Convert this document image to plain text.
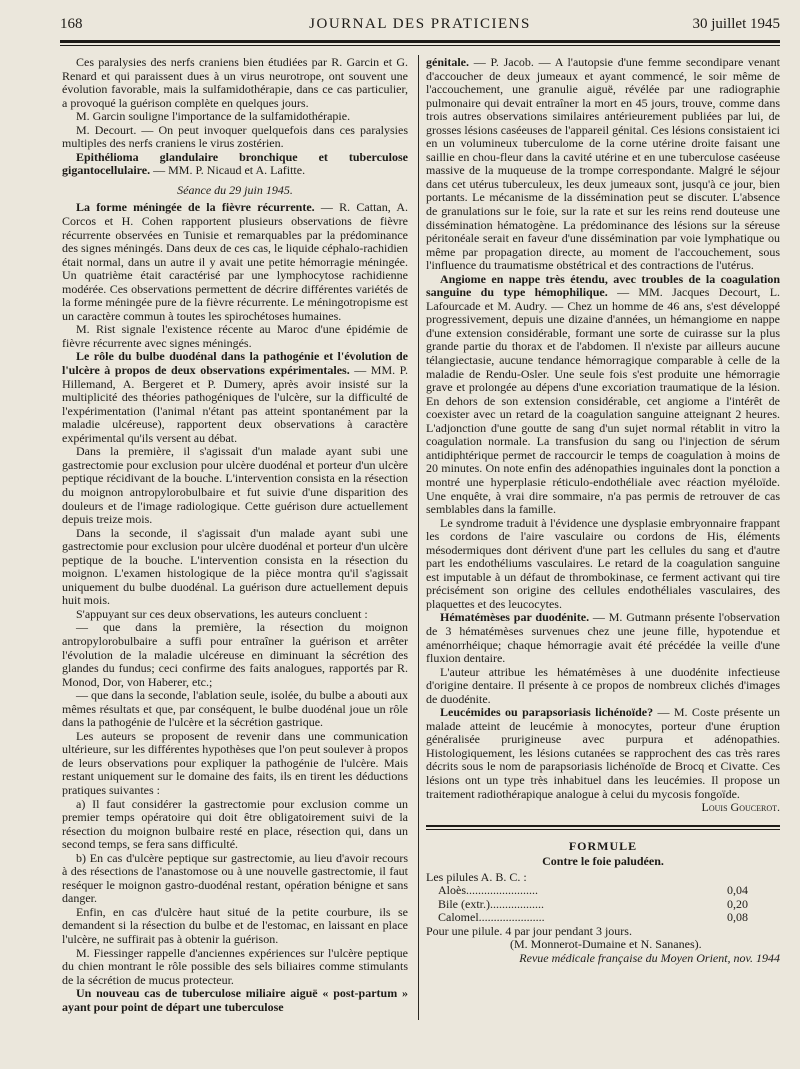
168	JOURNAL DES PRATICIENS	30 juillet 1945

Ces paralysies des nerfs craniens bien étudiées par R. Garcin et G. Renard et qui paraissent dues à un virus neurotrope, ont souvent une évolution favorable, mais la sulfamidothérapie, dans ce cas particulier, a provoqué la guérison complète en quelques jours.

M. Garcin souligne l'importance de la sulfamidothérapie.

M. Decourt. — On peut invoquer quelquefois dans ces paralysies multiples des nerfs craniens le virus zostérien.

Epithélioma glandulaire bronchique et tuberculose gigantocellulaire. — MM. P. Nicaud et A. Lafitte.

Séance du 29 juin 1945.

La forme méningée de la fièvre récurrente. — R. Cattan, A. Corcos et H. Cohen rapportent plusieurs observations de fièvre récurrente observées en Tunisie et remarquables par la prédominance des signes méningés. Dans deux de ces cas, le liquide céphalo-rachidien était normal, dans un autre il y avait une petite hémorragie méningée. Un quatrième était caractérisé par une lymphocytose rachidienne modérée. Ces observations permettent de décrire différentes variétés de la forme méningée pure de la fièvre récurrente. Le méningotropisme est un caractère commun à toutes les spirochétoses humaines.

M. Rist signale l'existence récente au Maroc d'une épidémie de fièvre récurrente avec signes méningés.

Le rôle du bulbe duodénal dans la pathogénie et l'évolution de l'ulcère à propos de deux observations expérimentales. — MM. P. Hillemand, A. Bergeret et P. Dumery, après avoir insisté sur la multiplicité des théories pathogéniques de l'ulcère, sur la difficulté de l'expérimentation (l'animal n'étant pas atteint spontanément par la maladie ulcéreuse), rapportent deux observations à caractère expérimental qu'ils versent au débat.

Dans la première, il s'agissait d'un malade ayant subi une gastrectomie pour exclusion pour ulcère duodénal et porteur d'un ulcère peptique récidivant de la bouche. L'intervention consista en la résection du moignon antropylorobulbaire et fut suivie d'une disparition des douleurs et de l'image radiologique. Cette guérison dure actuellement depuis treize mois.

Dans la seconde, il s'agissait d'un malade ayant subi une gastrectomie pour exclusion pour ulcère duodénal et porteur d'un ulcère peptique de la bouche. L'intervention consista en la résection du moignon. L'examen histologique de la pièce montra qu'il s'agissait uniquement du bulbe duodénal. La guérison dure actuellement depuis huit mois.

S'appuyant sur ces deux observations, les auteurs concluent :

— que dans la première, la résection du moignon antropylorobulbaire a suffi pour entraîner la guérison et arrêter l'évolution de la maladie ulcéreuse en diminuant la sécrétion des glandes du fundus; ceci confirme des faits analogues, rapportés par R. Monod, Dor, von Haberer, etc.;

— que dans la seconde, l'ablation seule, isolée, du bulbe a abouti aux mêmes résultats et que, par conséquent, le bulbe duodénal joue un rôle dans la pathogénie de l'ulcère et la sécrétion gastrique.

Les auteurs se proposent de revenir dans une communication ultérieure, sur les différentes hypothèses que l'on peut soulever à propos de leurs observations pour expliquer la pathogénie de l'ulcère. Mais restant uniquement sur le domaine des faits, ils en tirent les déductions pratiques suivantes :

a) Il faut considérer la gastrectomie pour exclusion comme un premier temps opératoire qui doit être obligatoirement suivi de la résection du moignon bulbaire resté en place, résection qui, dans un second temps, se fera sans difficulté.

b) En cas d'ulcère peptique sur gastrectomie, au lieu d'avoir recours à des résections de l'anastomose ou à une nouvelle gastrectomie, il faut reséquer le moignon gastro-duodénal restant, opération bénigne et sans danger.

Enfin, en cas d'ulcère haut situé de la petite courbure, ils se demandent si la résection du bulbe et de l'estomac, en laissant en place l'ulcère, ne suffirait pas à obtenir la guérison.

M. Fiessinger rappelle d'anciennes expériences sur l'ulcère peptique du chien montrant le rôle possible des sels biliaires comme stimulants de la sécrétion de mucus protecteur.

Un nouveau cas de tuberculose miliaire aiguë « post-partum » ayant pour point de départ une tuberculose

génitale. — P. Jacob. — A l'autopsie d'une femme secondipare venant d'accoucher de deux jumeaux et ayant commencé, le soir même de l'accouchement, une granulie aiguë, révélée par une radiographie pulmonaire qui devait entraîner la mort en 45 jours, trouve, comme dans trois autres observations similaires antérieurement publiées par lui, de grosses lésions caséeuses de l'appareil génital. Ces lésions consistaient ici en un volumineux tuberculome de la corne utérine droite faisant une saillie en chou-fleur dans la cavité utérine et en une tuberculose caséeuse massive de la muqueuse de la trompe correspondante. Malgré le séjour dans cet utérus tuberculeux, les deux jumeaux sont, jusqu'à ce jour, bien portants. Le mécanisme de la dissémination peut se discuter. L'absence de granulations sur le foie, sur la rate et sur les reins rend douteuse une dissémination hématogène. La prédominance des lésions sur la séreuse péritonéale serait en faveur d'une dissémination par voie lymphatique ou même par propagation directe, au moment de l'accouchement, sous l'influence du traumatisme obstétrical et des contractions de l'utérus.

Angiome en nappe très étendu, avec troubles de la coagulation sanguine du type hémophilique. — MM. Jacques Decourt, L. Lafourcade et M. Audry. — Chez un homme de 46 ans, s'est développé progressivement, depuis une dizaine d'années, un hémangiome en nappe d'une extension considérable, formant une sorte de cuirasse sur la plus grande partie du thorax et de l'abdomen. Il n'existe par ailleurs aucune télangiectasie, aucune tendance hémorragique comparable à celle de la maladie de Rendu-Osler. Une seule fois s'est produite une hémorragie grave et prolongée au dépens d'une excoriation traumatique de la lésion. En dehors de son extension considérable, cet angiome a l'intérêt de coexister avec un retard de la coagulation sanguine atteignant 2 heures. L'adjonction d'une goutte de sang d'un sujet normal rétablit in vitro la coagulation normale. La transfusion du sang ou l'injection de sérum antidiphtérique permet de raccourcir le temps de coagulation à moins de 20 minutes. On note enfin des adénopathies inguinales dont la ponction a montré une hyperplasie réticulo-endothéliale avec réaction myéloïde. Une enquête, à vrai dire sommaire, n'a pas permis de retrouver de cas semblables dans la famille.

Le syndrome traduit à l'évidence une dysplasie embryonnaire frappant les cordons de l'aire vasculaire ou cordons de His, éléments mésodermiques dont dérivent d'une part les cellules du sang et d'autre part les endothéliums vasculaires. Le retard de la coagulation sanguine est imputable à un défaut de thrombokinase, ce ferment activant qui tire précisément son origine des cellules endothéliales vasculaires, des plaquettes et des leucocytes.

Hématémèses par duodénite. — M. Gutmann présente l'observation de 3 hématémèses survenues chez une jeune fille, hypotendue et aménorrhéique; chaque hémorragie avait été précédée la veille d'une fluxion dentaire.

L'auteur attribue les hématémèses à une duodénite infectieuse d'origine dentaire. Il présente à ce propos de nombreux clichés d'images de duodénite.

Leucémides ou parapsoriasis lichénoïde? — M. Coste présente un malade atteint de leucémie à monocytes, porteur d'une éruption généralisée prurigineuse avec purpura et adénopathies. Histologiquement, les lésions cutanées se rapprochent des cas très rares décrits sous le nom de parapsoriasis lichénoïde de Brocq et Civatte. Ces lésions ont un type très inhabituel dans les leucémies. Il propose un traitement radiothérapique analogue à celui du mycosis fongoïde.

Louis Goucerot.

FORMULE
Contre le foie paludéen.
Les pilules A. B. C. :
Aloès........................	0,04
Bile (extr.)..................	0,20
Calomel......................	0,08
Pour une pilule. 4 par jour pendant 3 jours.
(M. Monnerot-Dumaine et N. Sananes).
Revue médicale française du Moyen Orient, nov. 1944
